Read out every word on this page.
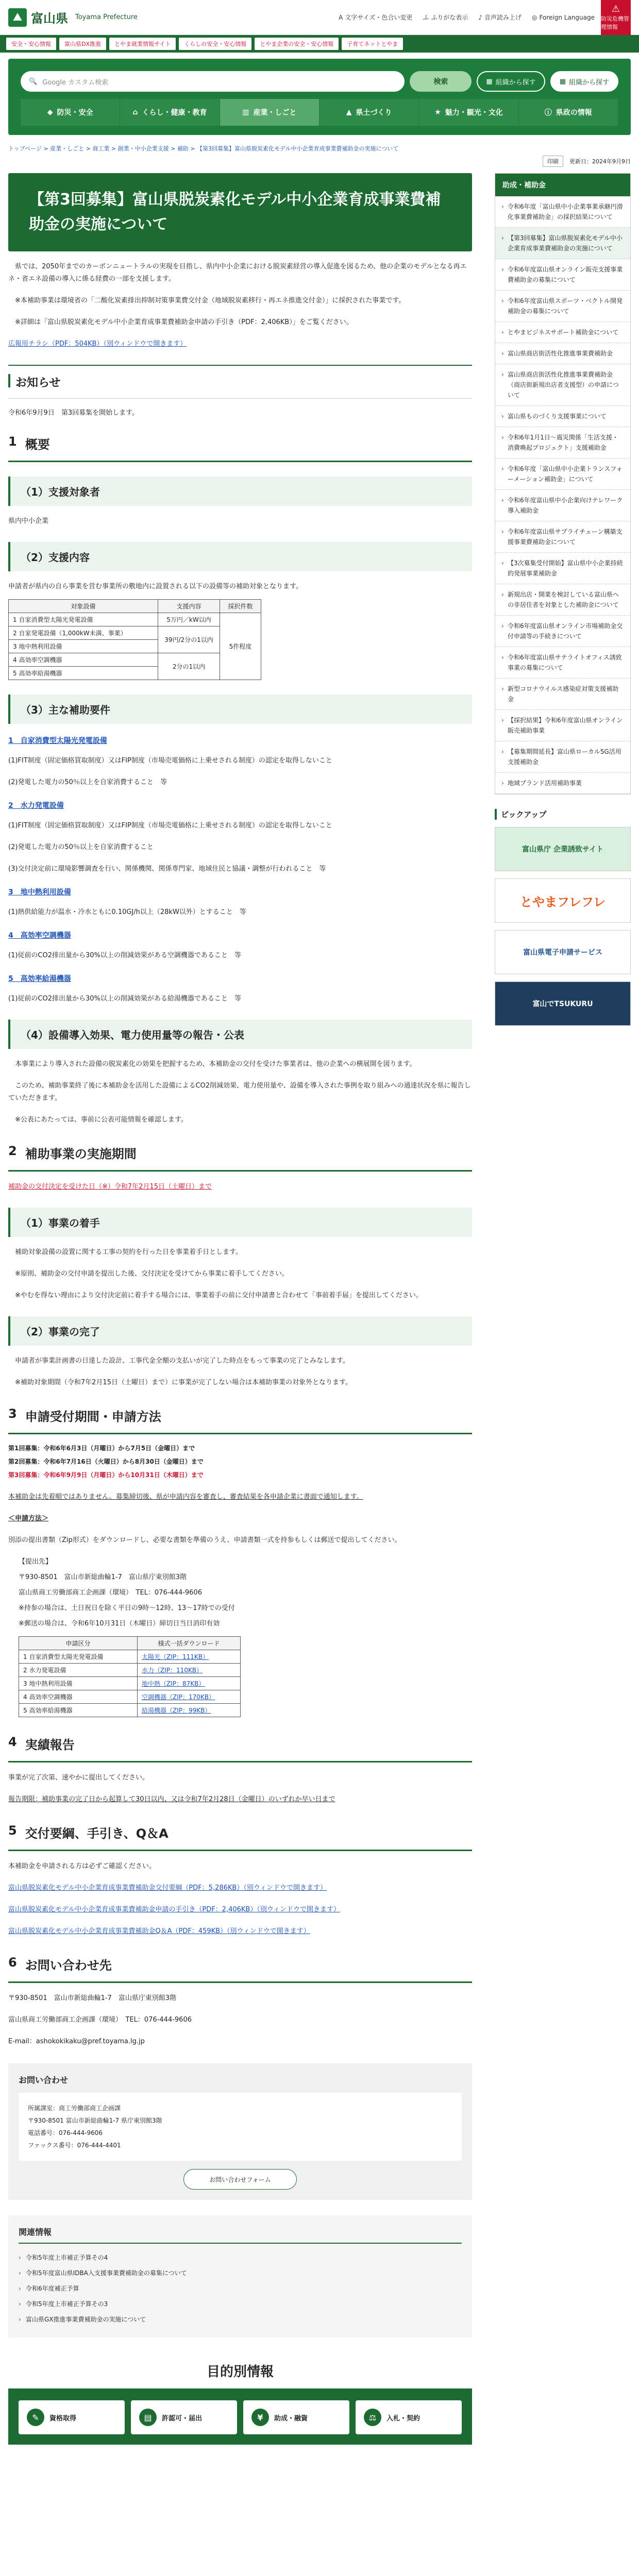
⛰ 富山県 Toyama Prefecture	A 文字サイズ・色合い変更 ふ ふりがな表示 ♪ 音声読み上げ ◎ Foreign Language
⚠
防災危機管理情報
安全・安心情報	富山県DX推進	とやま就業情報サイト	くらしの安全・安心情報	とやま企業の安全・安心情報	子育てネットとやま
🔍 Google カスタム検索	検索	▦ 組織から探す	▦ 組織から探す
◆ 防災・安全	⌂ くらし・健康・教育	▥ 産業・しごと	▲ 県土づくり	★ 魅力・観光・文化	ⓘ 県政の情報
トップページ > 産業・しごと > 商工業 > 創業・中小企業支援 > 補助 > 【第3回募集】富山県脱炭素化モデル中小企業育成事業費補助金の実施について
印刷	更新日：2024年9月9日
【第3回募集】富山県脱炭素化モデル中小企業育成事業費補助金の実施について

県では、2050年までのカーボンニュートラルの実現を目指し、県内中小企業における脱炭素経営の導入促進を図るため、他の企業のモデルとなる再エネ・省エネ設備の導入に係る経費の一部を支援します。

※本補助事業は環境省の「二酸化炭素排出抑制対策事業費交付金（地域脱炭素移行・再エネ推進交付金）」に採択された事業です。

※詳細は「富山県脱炭素化モデル中小企業育成事業費補助金申請の手引き（PDF：2,406KB）」をご覧ください。

広報用チラシ（PDF：504KB）（別ウィンドウで開きます）

お知らせ

令和6年9月9日　第3回募集を開始します。

1 概要
（1）支援対象者

県内中小企業

（2）支援内容

申請者が県内の自ら事業を営む事業所の敷地内に設置される以下の設備等の補助対象となります。

対象設備	支援内容	採択件数
1 自家消費型太陽光発電設備	5万円／kW以内	5件程度
2 自家発電設備（1,000kW未満、事業）	39円/2分の1以内	
3 地中熱利用設備		
4 高効率空調機器	2分の1以内	
5 高効率給湯機器		
（3）主な補助要件
1　自家消費型太陽光発電設備

(1)FIT制度（固定価格買取制度）又はFIP制度（市場売電価格に上乗せされる制度）の認定を取得しないこと

(2)発電した電力の50％以上を自家消費すること　等

2　水力発電設備

(1)FIT制度（固定価格買取制度）又はFIP制度（市場売電価格に上乗せされる制度）の認定を取得しないこと

(2)発電した電力の50％以上を自家消費すること

(3)交付決定前に環境影響調査を行い、関係機関、関係専門家、地域住民と協議・調整が行われること　等

3　地中熱利用設備

(1)熱供給能力が温水・冷水ともに0.10GJ/h以上（28kW以外）とすること　等

4　高効率空調機器

(1)従前のCO2排出量から30%以上の削減効果がある空調機器であること　等

5　高効率給湯機器

(1)従前のCO2排出量から30%以上の削減効果がある給湯機器であること　等

（4）設備導入効果、電力使用量等の報告・公表

本事業により導入された設備の脱炭素化の効果を把握するため、本補助金の交付を受けた事業者は、他の企業への横展開を図ります。

このため、補助事業終了後に本補助金を活用した設備によるCO2削減効果、電力使用量や、設備を導入された事例を取り組みへの通達状況を県に報告していただきます。

※公表にあたっては、事前に公表可能情報を確認します。

2 補助事業の実施期間

補助金の交付決定を受けた日（※）令和7年2月15日（土曜日）まで

（1）事業の着手

補助対象設備の設置に関する工事の契約を行った日を事業着手日とします。

※原則、補助金の交付申請を提出した後、交付決定を受けてから事業に着手してください。

※やむを得ない理由により交付決定前に着手する場合には、事業着手の前に交付申請書と合わせて「事前着手届」を提出してください。

（2）事業の完了

申請者が事業計画書の日達した設計、工事代金全額の支払いが完了した時点をもって事業の完了とみなします。

※補助対象期間（令和7年2月15日（土曜日）まで）に事業が完了しない場合は本補助事業の対象外となります。

3 申請受付期間・申請方法
第1回募集：令和6年6月3日（月曜日）から7月5日（金曜日）まで
第2回募集：令和6年7月16日（火曜日）から8月30日（金曜日）まで
第3回募集：令和6年9月9日（月曜日）から10月31日（木曜日）まで

本補助金は先着順ではありません。募集締切後、県が申請内容を審査し、審査結果を各申請企業に書面で通知します。

＜申請方法＞

別添の提出書類（Zip形式）をダウンロードし、必要な書類を準備のうえ、申請書類一式を持参もしくは郵送で提出してください。

【提出先】

〒930-8501　富山市新総曲輪1-7　富山県庁東別館3階

富山県商工労働部商工企画課（環境）　TEL：076-444-9606

※持参の場合は、土日祝日を除く平日の9時～12時、13～17時での受付

※郵送の場合は、令和6年10月31日（木曜日）締切日当日消印有効

申請区分	様式一括ダウンロード
1 自家消費型太陽光発電設備	太陽光（ZIP：111KB）
2 水力発電設備	水力（ZIP：110KB）
3 地中熱利用設備	地中熱（ZIP：87KB）
4 高効率空調機器	空調機器（ZIP：170KB）
5 高効率給湯機器	給湯機器（ZIP：99KB）
4 実績報告

事業が完了次第、速やかに提出してください。

報告期限：補助事業の完了日から起算して30日以内、又は令和7年2月28日（金曜日）のいずれか早い日まで

5 交付要綱、手引き、Q＆A

本補助金を申請される方は必ずご確認ください。

富山県脱炭素化モデル中小企業育成事業費補助金交付要綱（PDF：5,286KB）（別ウィンドウで開きます）

富山県脱炭素化モデル中小企業育成事業費補助金申請の手引き（PDF：2,406KB）（別ウィンドウで開きます）

富山県脱炭素化モデル中小企業育成事業費補助金Q＆A（PDF：459KB）（別ウィンドウで開きます）

6 お問い合わせ先

〒930-8501　富山市新総曲輪1-7　富山県庁東別館3階

富山県商工労働部商工企画課（環境）　TEL：076-444-9606

E-mail：ashokokikaku@pref.toyama.lg.jp

お問い合わせ
所属課室：商工労働部商工企画課
〒930-8501 富山市新総曲輪1-7 県庁東別館3階
電話番号：076-444-9606
ファックス番号：076-444-4401
お問い合わせフォーム
関連情報
› 令和5年度上市補正予算その4
› 令和5年度富山県IDBA入支援事業費補助金の募集について
› 令和6年度補正予算
› 令和5年度上市補正予算その3
› 富山県GX推進事業費補助金の実施について
目的別情報
✎	資格取得	▤	許認可・届出	¥	助成・融資	⚖	入札・契約
助成・補助金
› 令和6年度「富山県中小企業事業承継円滑化事業費補助金」の採択結果について
› 【第3回募集】富山県脱炭素化モデル中小企業育成事業費補助金の実施について
› 令和6年度富山県オンライン販売支援事業費補助金の募集について
› 令和6年度富山県スポーツ・ベクトル開発補助金の募集について
› とやまビジネスサポート補助金について
› 富山県商店街活性化推進事業費補助金
› 富山県商店街活性化推進事業費補助金（商店街新規出店者支援型）の申請について
› 富山県ものづくり支援事業について
› 令和6年1月1日～震災関係「生活支援・消費喚起プロジェクト」支援補助金
› 令和6年度「富山県中小企業トランスフォーメーション補助金」について
› 令和6年度富山県中小企業向けテレワーク導入補助金
› 令和6年度富山県サプライチェーン構築支援事業費補助金について
› 【3次募集受付開始】富山県中小企業持続的発展事業補助金
› 新規出店・開業を検討している富山県への非居住者を対象とした補助金について
› 令和6年度富山県オンライン市場補助金交付申請等の手続きについて
› 令和6年度富山県サテライトオフィス誘致事業の募集について
› 新型コロナウイルス感染症対策支援補助金
› 【採択結果】令和6年度富山県オンライン販売補助事業
› 【募集期間延長】富山県ローカル5G活用支援補助金
› 地域ブランド活用補助事業
ピックアップ
富山県庁 企業誘致サイト
とやまフレフレ
富山県電子申請サービス
富山でTSUKURU
